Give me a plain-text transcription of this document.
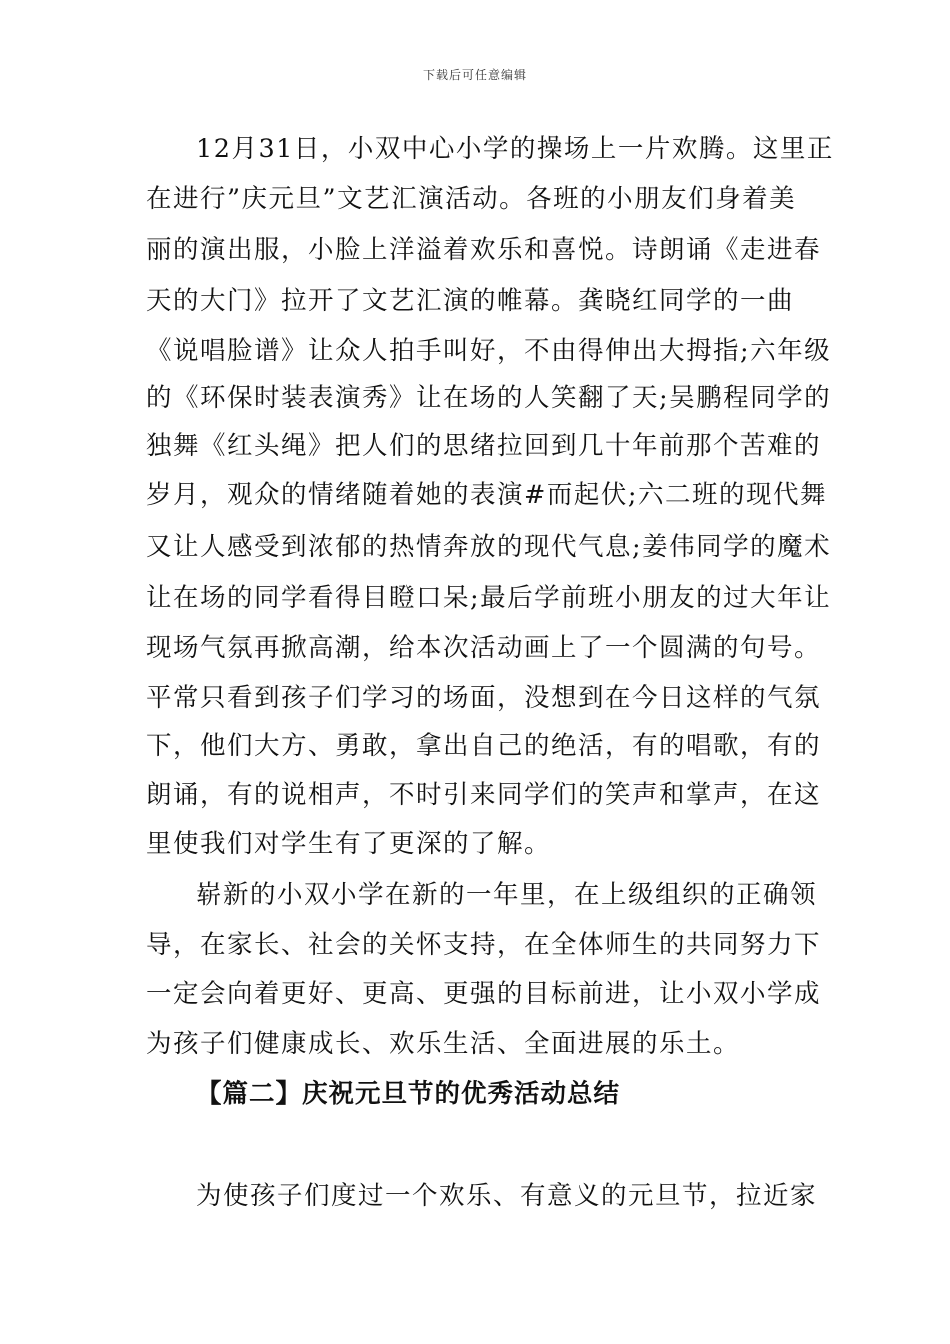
下载后可任意编辑
12月31日，小双中心小学的操场上一片欢腾。这里正
在进行”庆元旦”文艺汇演活动。各班的小朋友们身着美
丽的演出服，小脸上洋溢着欢乐和喜悦。诗朗诵《走进春
天的大门》拉开了文艺汇演的帷幕。龚晓红同学的一曲
《说唱脸谱》让众人拍手叫好，不由得伸出大拇指;六年级
的《环保时装表演秀》让在场的人笑翻了天;吴鹏程同学的
独舞《红头绳》把人们的思绪拉回到几十年前那个苦难的
岁月，观众的情绪随着她的表演#而起伏;六二班的现代舞
又让人感受到浓郁的热情奔放的现代气息;姜伟同学的魔术
让在场的同学看得目瞪口呆;最后学前班小朋友的过大年让
现场气氛再掀高潮，给本次活动画上了一个圆满的句号。
平常只看到孩子们学习的场面，没想到在今日这样的气氛
下，他们大方、勇敢，拿出自己的绝活，有的唱歌，有的
朗诵，有的说相声，不时引来同学们的笑声和掌声，在这
里使我们对学生有了更深的了解。
崭新的小双小学在新的一年里，在上级组织的正确领
导，在家长、社会的关怀支持，在全体师生的共同努力下
一定会向着更好、更高、更强的目标前进，让小双小学成
为孩子们健康成长、欢乐生活、全面进展的乐土。
【篇二】庆祝元旦节的优秀活动总结
为使孩子们度过一个欢乐、有意义的元旦节，拉近家
